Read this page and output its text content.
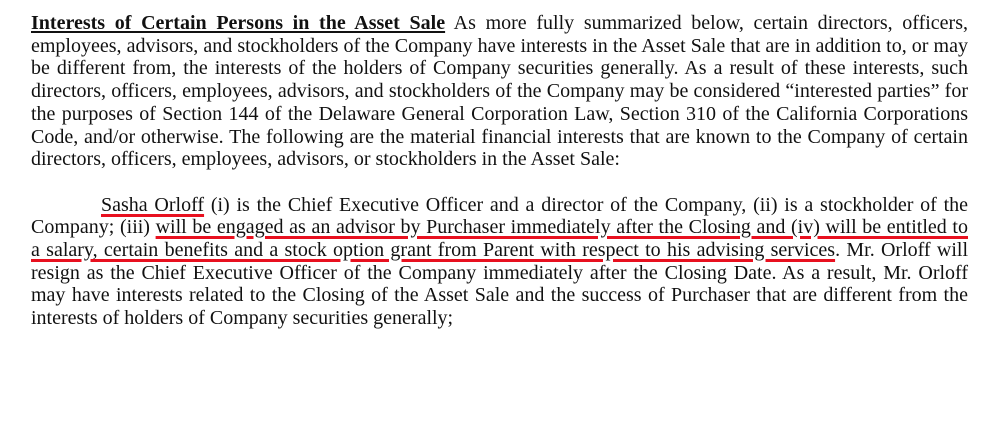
Interests of Certain Persons in the Asset Sale As more fully summarized below, certain directors, officers, employees, advisors, and stockholders of the Company have interests in the Asset Sale that are in addition to, or may be different from, the interests of the holders of Company securities generally. As a result of these interests, such directors, officers, employees, advisors, and stockholders of the Company may be considered “interested parties” for the purposes of Section 144 of the Delaware General Corporation Law, Section 310 of the California Corporations Code, and/or otherwise. The following are the material financial interests that are known to the Company of certain directors, officers, employees, advisors, or stockholders in the Asset Sale:

Sasha Orloff (i) is the Chief Executive Officer and a director of the Company, (ii) is a stockholder of the Company; (iii) will be engaged as an advisor by Purchaser immediately after the Closing and (iv) will be entitled to a salary, certain benefits and a stock option grant from Parent with respect to his advising services. Mr. Orloff will resign as the Chief Executive Officer of the Company immediately after the Closing Date. As a result, Mr. Orloff may have interests related to the Closing of the Asset Sale and the success of Purchaser that are different from the interests of holders of Company securities generally;
